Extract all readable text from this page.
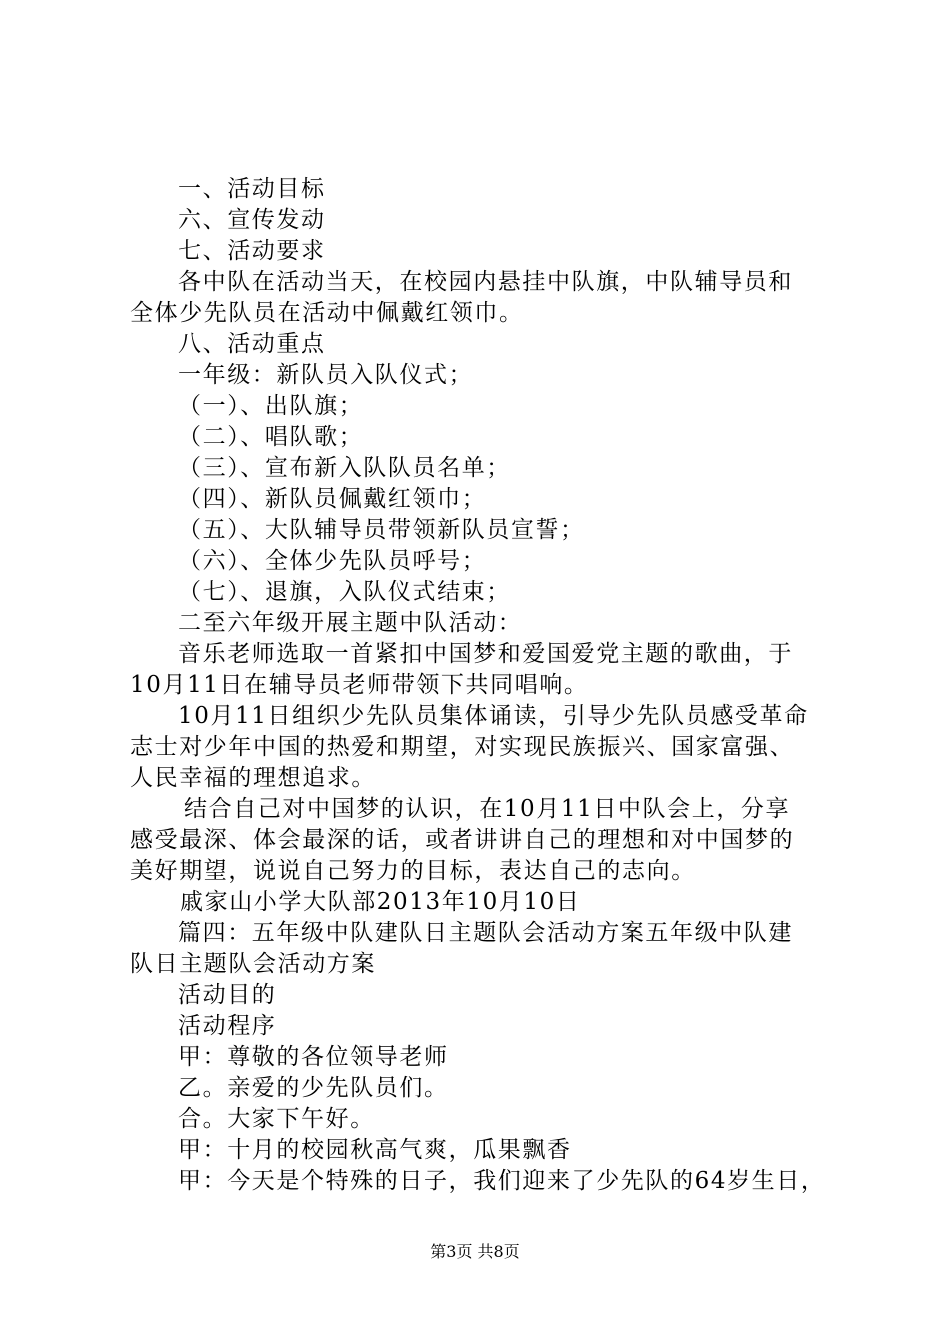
一、活动目标
六、宣传发动
七、活动要求
各中队在活动当天，在校园内悬挂中队旗，中队辅导员和
全体少先队员在活动中佩戴红领巾。
八、活动重点
一年级：新队员入队仪式；
（一）、出队旗；
（二）、唱队歌；
（三）、宣布新入队队员名单；
（四）、新队员佩戴红领巾；
（五）、大队辅导员带领新队员宣誓；
（六）、全体少先队员呼号；
（七）、退旗，入队仪式结束；
二至六年级开展主题中队活动：
音乐老师选取一首紧扣中国梦和爱国爱党主题的歌曲，于
10月11日在辅导员老师带领下共同唱响。
10月11日组织少先队员集体诵读，引导少先队员感受革命
志士对少年中国的热爱和期望，对实现民族振兴、国家富强、
人民幸福的理想追求。
结合自己对中国梦的认识，在10月11日中队会上，分享
感受最深、体会最深的话，或者讲讲自己的理想和对中国梦的
美好期望，说说自己努力的目标，表达自己的志向。
戚家山小学大队部2013年10月10日
篇四：五年级中队建队日主题队会活动方案五年级中队建
队日主题队会活动方案
活动目的
活动程序
甲：尊敬的各位领导老师
乙。亲爱的少先队员们。
合。大家下午好。
甲：十月的校园秋高气爽，瓜果飘香
甲：今天是个特殊的日子，我们迎来了少先队的64岁生日，
第3页 共8页
